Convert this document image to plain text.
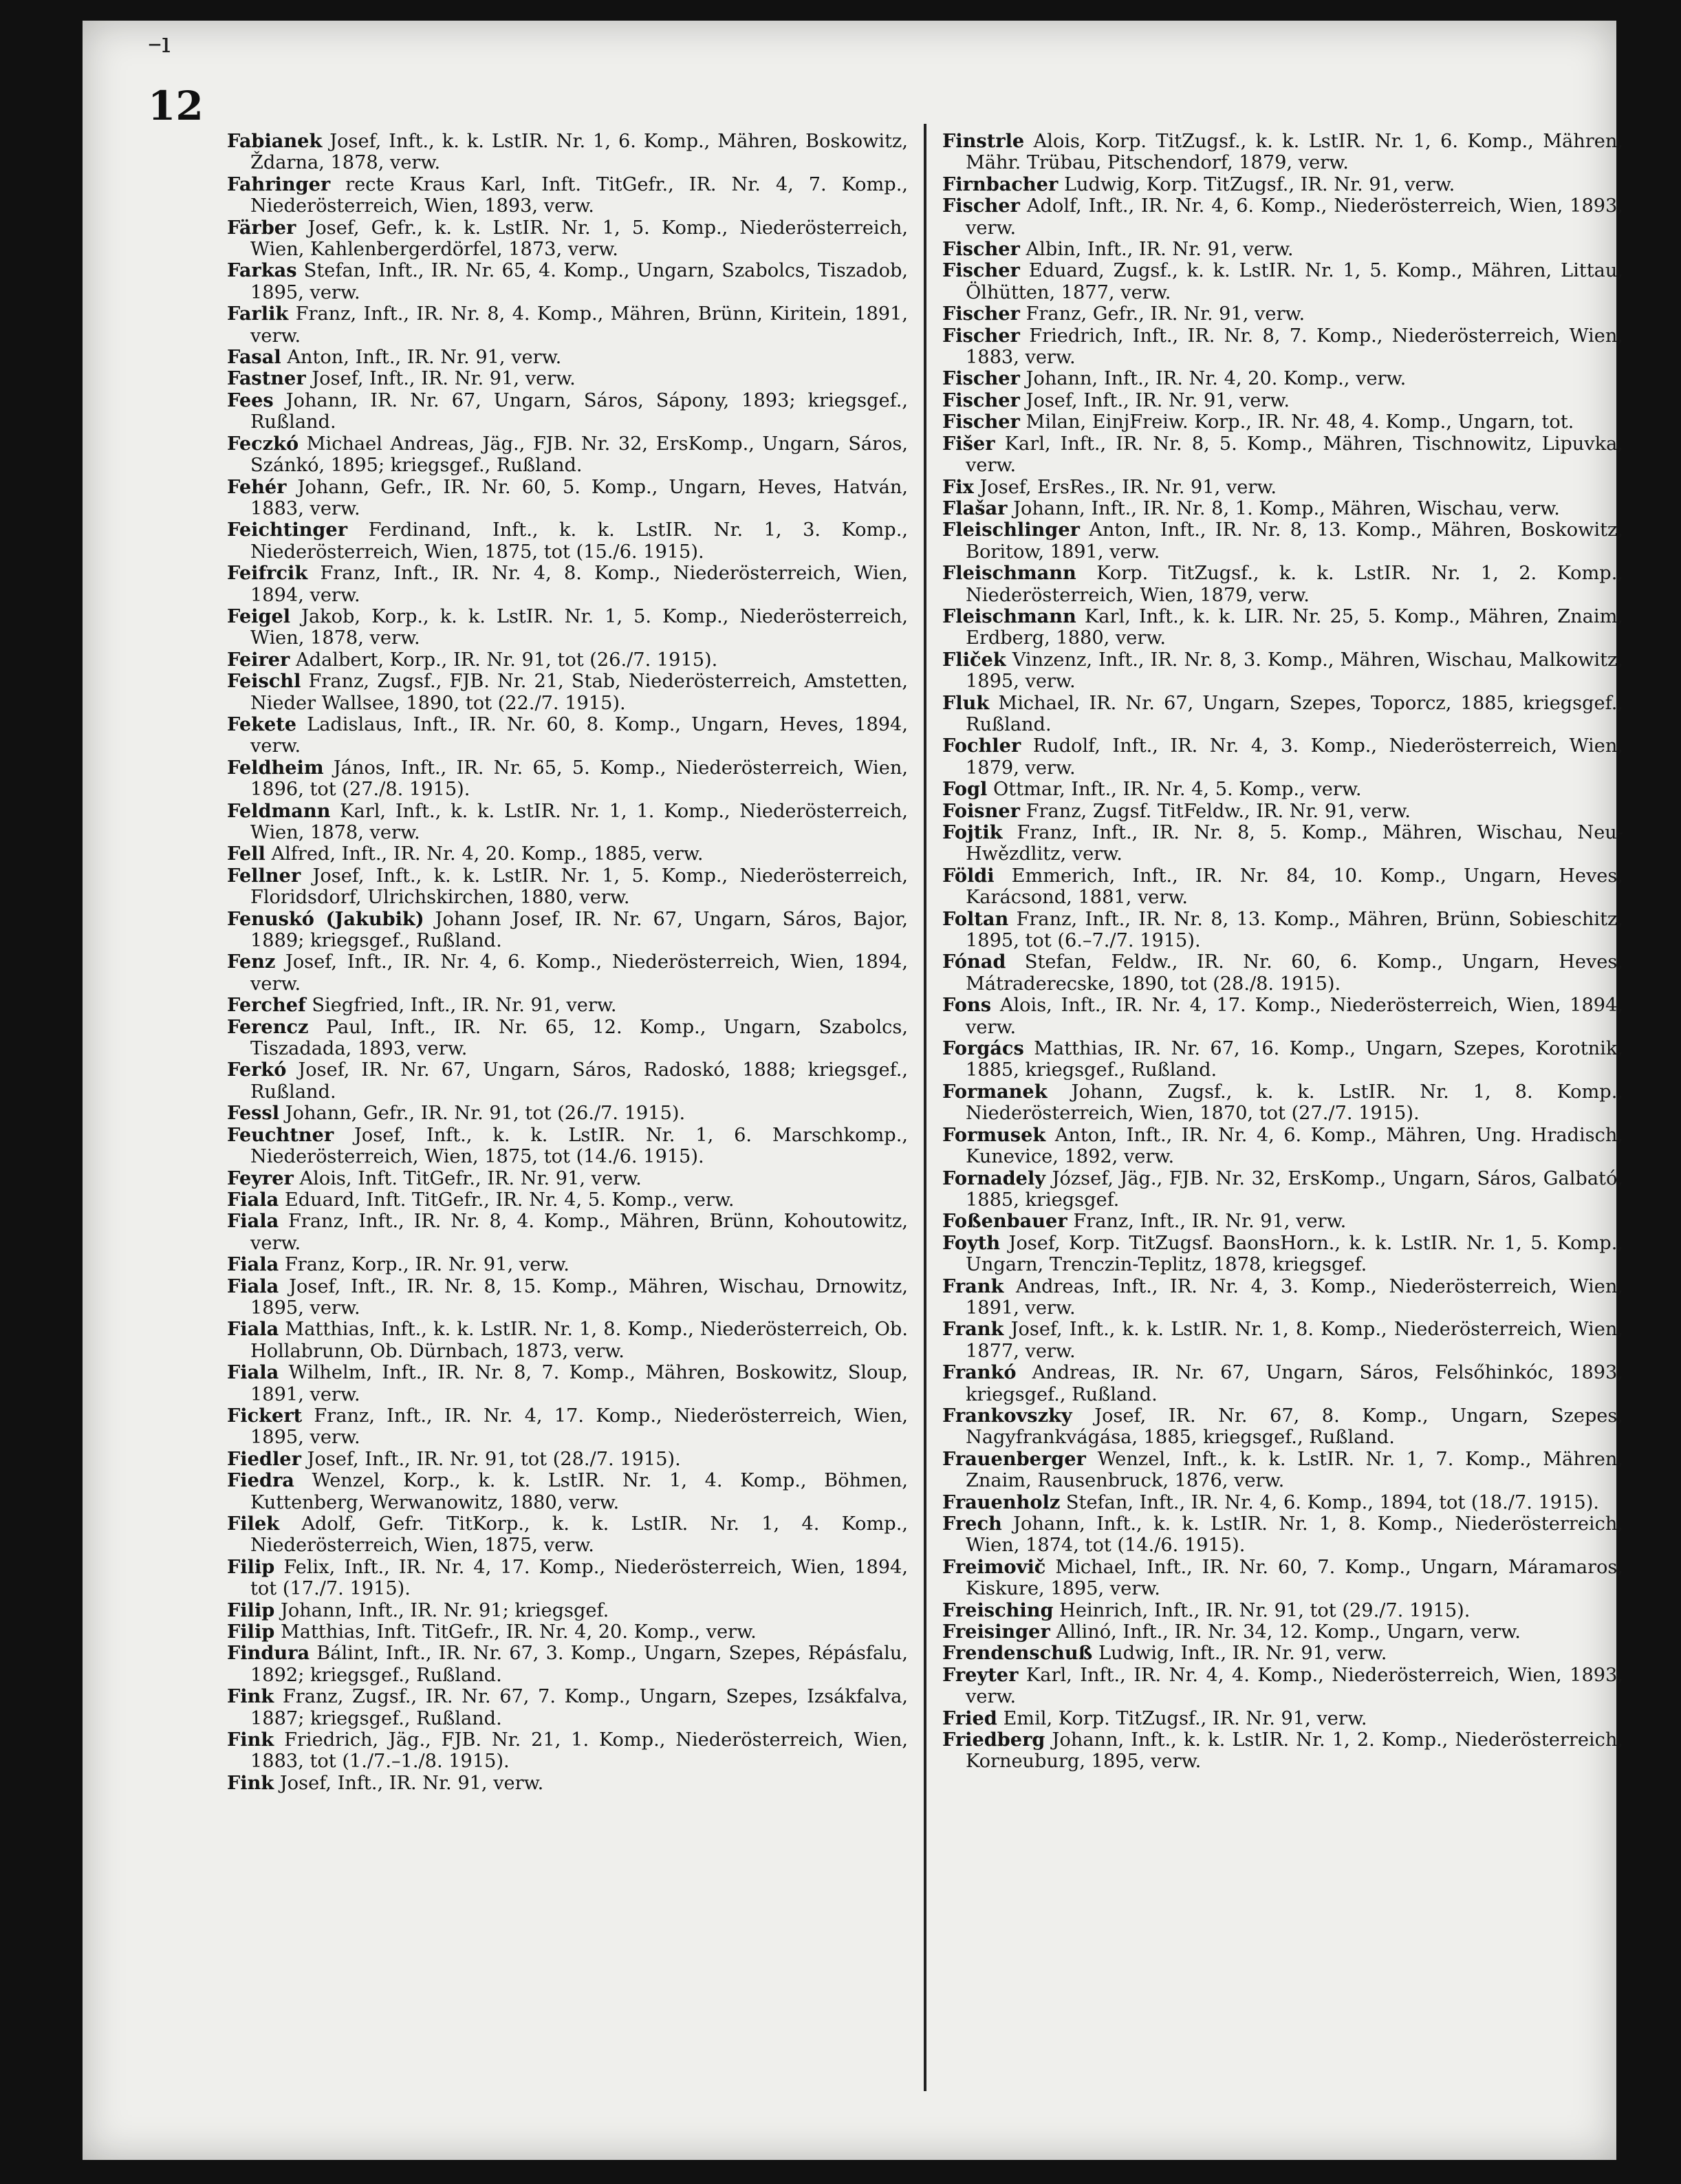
–ı
12

Fabianek Josef, Inft., k. k. LstIR. Nr. 1, 6. Komp., Mähren, Boskowitz, Ždarna, 1878, verw.

Fahringer recte Kraus Karl, Inft. TitGefr., IR. Nr. 4, 7. Komp., Niederösterreich, Wien, 1893, verw.

Färber Josef, Gefr., k. k. LstIR. Nr. 1, 5. Komp., Niederösterreich, Wien, Kahlenbergerdörfel, 1873, verw.

Farkas Stefan, Inft., IR. Nr. 65, 4. Komp., Ungarn, Szabolcs, Tiszadob, 1895, verw.

Farlik Franz, Inft., IR. Nr. 8, 4. Komp., Mähren, Brünn, Kiritein, 1891, verw.

Fasal Anton, Inft., IR. Nr. 91, verw.

Fastner Josef, Inft., IR. Nr. 91, verw.

Fees Johann, IR. Nr. 67, Ungarn, Sáros, Sápony, 1893; kriegsgef., Rußland.

Feczkó Michael Andreas, Jäg., FJB. Nr. 32, ErsKomp., Ungarn, Sáros, Szánkó, 1895; kriegsgef., Rußland.

Fehér Johann, Gefr., IR. Nr. 60, 5. Komp., Ungarn, Heves, Hatván, 1883, verw.

Feichtinger Ferdinand, Inft., k. k. LstIR. Nr. 1, 3. Komp., Niederösterreich, Wien, 1875, tot (15./6. 1915).

Feifrcik Franz, Inft., IR. Nr. 4, 8. Komp., Niederösterreich, Wien, 1894, verw.

Feigel Jakob, Korp., k. k. LstIR. Nr. 1, 5. Komp., Niederösterreich, Wien, 1878, verw.

Feirer Adalbert, Korp., IR. Nr. 91, tot (26./7. 1915).

Feischl Franz, Zugsf., FJB. Nr. 21, Stab, Niederösterreich, Amstetten, Nieder Wallsee, 1890, tot (22./7. 1915).

Fekete Ladislaus, Inft., IR. Nr. 60, 8. Komp., Ungarn, Heves, 1894, verw.

Feldheim János, Inft., IR. Nr. 65, 5. Komp., Niederösterreich, Wien, 1896, tot (27./8. 1915).

Feldmann Karl, Inft., k. k. LstIR. Nr. 1, 1. Komp., Niederösterreich, Wien, 1878, verw.

Fell Alfred, Inft., IR. Nr. 4, 20. Komp., 1885, verw.

Fellner Josef, Inft., k. k. LstIR. Nr. 1, 5. Komp., Niederösterreich, Floridsdorf, Ulrichskirchen, 1880, verw.

Fenuskó (Jakubik) Johann Josef, IR. Nr. 67, Ungarn, Sáros, Bajor, 1889; kriegsgef., Rußland.

Fenz Josef, Inft., IR. Nr. 4, 6. Komp., Niederösterreich, Wien, 1894, verw.

Ferchef Siegfried, Inft., IR. Nr. 91, verw.

Ferencz Paul, Inft., IR. Nr. 65, 12. Komp., Ungarn, Szabolcs, Tiszadada, 1893, verw.

Ferkó Josef, IR. Nr. 67, Ungarn, Sáros, Radoskó, 1888; kriegsgef., Rußland.

Fessl Johann, Gefr., IR. Nr. 91, tot (26./7. 1915).

Feuchtner Josef, Inft., k. k. LstIR. Nr. 1, 6. Marschkomp., Niederösterreich, Wien, 1875, tot (14./6. 1915).

Feyrer Alois, Inft. TitGefr., IR. Nr. 91, verw.

Fiala Eduard, Inft. TitGefr., IR. Nr. 4, 5. Komp., verw.

Fiala Franz, Inft., IR. Nr. 8, 4. Komp., Mähren, Brünn, Kohoutowitz, verw.

Fiala Franz, Korp., IR. Nr. 91, verw.

Fiala Josef, Inft., IR. Nr. 8, 15. Komp., Mähren, Wischau, Drnowitz, 1895, verw.

Fiala Matthias, Inft., k. k. LstIR. Nr. 1, 8. Komp., Niederösterreich, Ob. Hollabrunn, Ob. Dürnbach, 1873, verw.

Fiala Wilhelm, Inft., IR. Nr. 8, 7. Komp., Mähren, Boskowitz, Sloup, 1891, verw.

Fickert Franz, Inft., IR. Nr. 4, 17. Komp., Niederösterreich, Wien, 1895, verw.

Fiedler Josef, Inft., IR. Nr. 91, tot (28./7. 1915).

Fiedra Wenzel, Korp., k. k. LstIR. Nr. 1, 4. Komp., Böhmen, Kuttenberg, Werwanowitz, 1880, verw.

Filek Adolf, Gefr. TitKorp., k. k. LstIR. Nr. 1, 4. Komp., Niederösterreich, Wien, 1875, verw.

Filip Felix, Inft., IR. Nr. 4, 17. Komp., Niederösterreich, Wien, 1894, tot (17./7. 1915).

Filip Johann, Inft., IR. Nr. 91; kriegsgef.

Filip Matthias, Inft. TitGefr., IR. Nr. 4, 20. Komp., verw.

Findura Bálint, Inft., IR. Nr. 67, 3. Komp., Ungarn, Szepes, Répásfalu, 1892; kriegsgef., Rußland.

Fink Franz, Zugsf., IR. Nr. 67, 7. Komp., Ungarn, Szepes, Izsákfalva, 1887; kriegsgef., Rußland.

Fink Friedrich, Jäg., FJB. Nr. 21, 1. Komp., Niederösterreich, Wien, 1883, tot (1./7.–1./8. 1915).

Fink Josef, Inft., IR. Nr. 91, verw.

Finstrle Alois, Korp. TitZugsf., k. k. LstIR. Nr. 1, 6. Komp., Mähren, Mähr. Trübau, Pitschendorf, 1879, verw.

Firnbacher Ludwig, Korp. TitZugsf., IR. Nr. 91, verw.

Fischer Adolf, Inft., IR. Nr. 4, 6. Komp., Niederösterreich, Wien, 1893, verw.

Fischer Albin, Inft., IR. Nr. 91, verw.

Fischer Eduard, Zugsf., k. k. LstIR. Nr. 1, 5. Komp., Mähren, Littau, Ölhütten, 1877, verw.

Fischer Franz, Gefr., IR. Nr. 91, verw.

Fischer Friedrich, Inft., IR. Nr. 8, 7. Komp., Niederösterreich, Wien, 1883, verw.

Fischer Johann, Inft., IR. Nr. 4, 20. Komp., verw.

Fischer Josef, Inft., IR. Nr. 91, verw.

Fischer Milan, EinjFreiw. Korp., IR. Nr. 48, 4. Komp., Ungarn, tot.

Fišer Karl, Inft., IR. Nr. 8, 5. Komp., Mähren, Tischnowitz, Lipuvka, verw.

Fix Josef, ErsRes., IR. Nr. 91, verw.

Flašar Johann, Inft., IR. Nr. 8, 1. Komp., Mähren, Wischau, verw.

Fleischlinger Anton, Inft., IR. Nr. 8, 13. Komp., Mähren, Boskowitz, Boritow, 1891, verw.

Fleischmann Korp. TitZugsf., k. k. LstIR. Nr. 1, 2. Komp., Niederösterreich, Wien, 1879, verw.

Fleischmann Karl, Inft., k. k. LIR. Nr. 25, 5. Komp., Mähren, Znaim, Erdberg, 1880, verw.

Fliček Vinzenz, Inft., IR. Nr. 8, 3. Komp., Mähren, Wischau, Malkowitz, 1895, verw.

Fluk Michael, IR. Nr. 67, Ungarn, Szepes, Toporcz, 1885, kriegsgef., Rußland.

Fochler Rudolf, Inft., IR. Nr. 4, 3. Komp., Niederösterreich, Wien, 1879, verw.

Fogl Ottmar, Inft., IR. Nr. 4, 5. Komp., verw.

Foisner Franz, Zugsf. TitFeldw., IR. Nr. 91, verw.

Fojtik Franz, Inft., IR. Nr. 8, 5. Komp., Mähren, Wischau, Neu-Hwězdlitz, verw.

Földi Emmerich, Inft., IR. Nr. 84, 10. Komp., Ungarn, Heves, Karácsond, 1881, verw.

Foltan Franz, Inft., IR. Nr. 8, 13. Komp., Mähren, Brünn, Sobieschitz, 1895, tot (6.–7./7. 1915).

Fónad Stefan, Feldw., IR. Nr. 60, 6. Komp., Ungarn, Heves, Mátraderecske, 1890, tot (28./8. 1915).

Fons Alois, Inft., IR. Nr. 4, 17. Komp., Niederösterreich, Wien, 1894, verw.

Forgács Matthias, IR. Nr. 67, 16. Komp., Ungarn, Szepes, Korotnik, 1885, kriegsgef., Rußland.

Formanek Johann, Zugsf., k. k. LstIR. Nr. 1, 8. Komp., Niederösterreich, Wien, 1870, tot (27./7. 1915).

Formusek Anton, Inft., IR. Nr. 4, 6. Komp., Mähren, Ung. Hradisch, Kunevice, 1892, verw.

Fornadely József, Jäg., FJB. Nr. 32, ErsKomp., Ungarn, Sáros, Galbató, 1885, kriegsgef.

Foßenbauer Franz, Inft., IR. Nr. 91, verw.

Foyth Josef, Korp. TitZugsf. BaonsHorn., k. k. LstIR. Nr. 1, 5. Komp., Ungarn, Trenczin-Teplitz, 1878, kriegsgef.

Frank Andreas, Inft., IR. Nr. 4, 3. Komp., Niederösterreich, Wien, 1891, verw.

Frank Josef, Inft., k. k. LstIR. Nr. 1, 8. Komp., Niederösterreich, Wien, 1877, verw.

Frankó Andreas, IR. Nr. 67, Ungarn, Sáros, Felsőhinkóc, 1893, kriegsgef., Rußland.

Frankovszky Josef, IR. Nr. 67, 8. Komp., Ungarn, Szepes, Nagyfrankvágása, 1885, kriegsgef., Rußland.

Frauenberger Wenzel, Inft., k. k. LstIR. Nr. 1, 7. Komp., Mähren, Znaim, Rausenbruck, 1876, verw.

Frauenholz Stefan, Inft., IR. Nr. 4, 6. Komp., 1894, tot (18./7. 1915).

Frech Johann, Inft., k. k. LstIR. Nr. 1, 8. Komp., Niederösterreich, Wien, 1874, tot (14./6. 1915).

Freimovič Michael, Inft., IR. Nr. 60, 7. Komp., Ungarn, Máramaros, Kiskure, 1895, verw.

Freisching Heinrich, Inft., IR. Nr. 91, tot (29./7. 1915).

Freisinger Allinó, Inft., IR. Nr. 34, 12. Komp., Ungarn, verw.

Frendenschuß Ludwig, Inft., IR. Nr. 91, verw.

Freyter Karl, Inft., IR. Nr. 4, 4. Komp., Niederösterreich, Wien, 1893, verw.

Fried Emil, Korp. TitZugsf., IR. Nr. 91, verw.

Friedberg Johann, Inft., k. k. LstIR. Nr. 1, 2. Komp., Niederösterreich, Korneuburg, 1895, verw.
